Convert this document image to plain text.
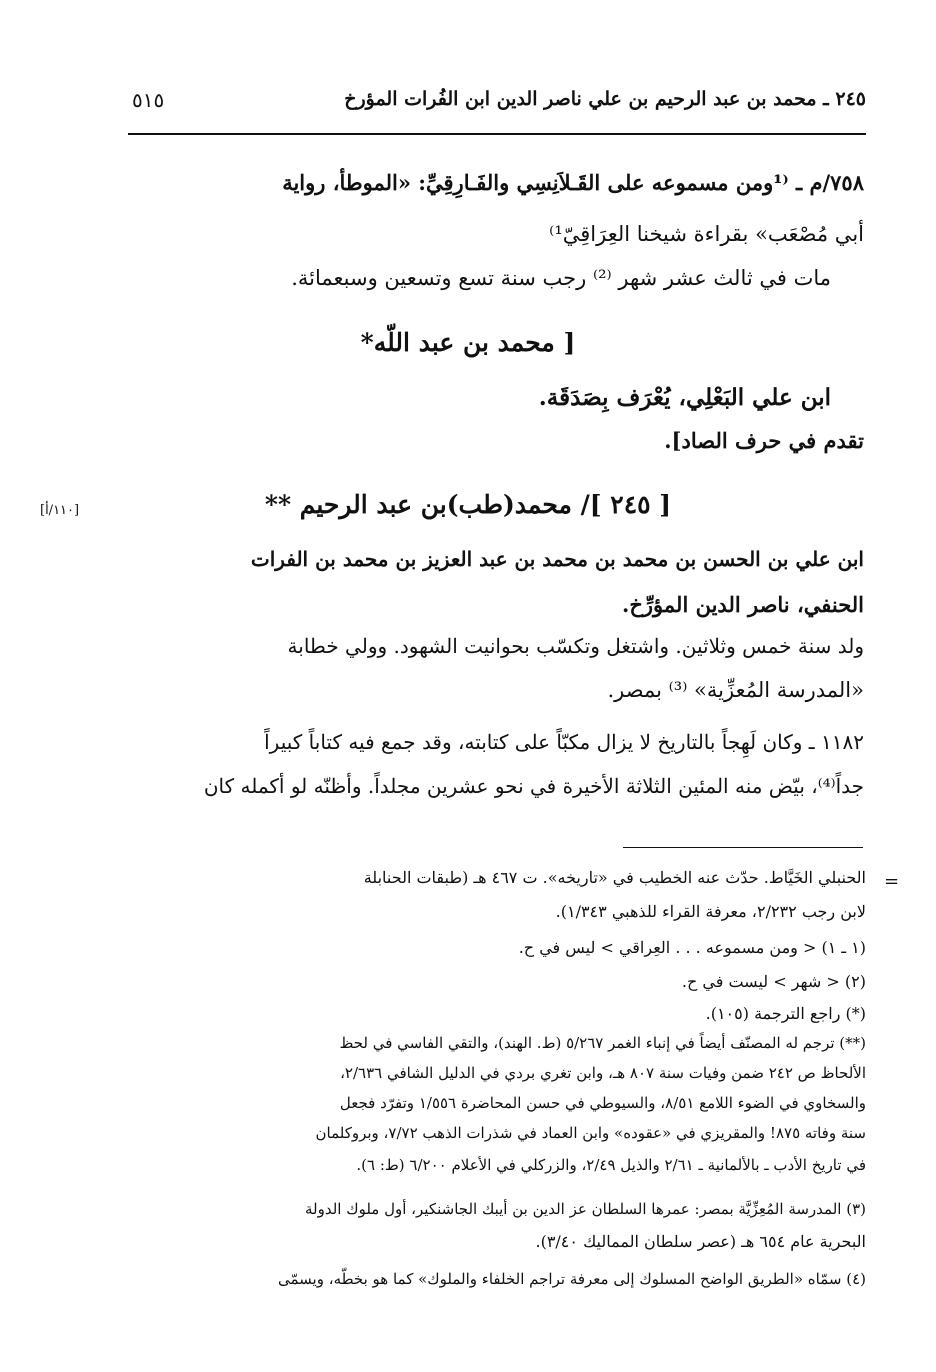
٢٤٥ ـ محمد بن عبد الرحيم بن علي ناصر الدين ابن الفُرات المؤرخ
٥١٥
٧٥٨/م ـ ⁽¹ومن مسموعه على القَـلاَنِسِي والفَـارِقِيِّ: «الموطأ، رواية
أبي مُصْعَب» بقراءة شيخنا العِرَاقِيّ¹⁾
مات في ثالث عشر شهر ⁽²⁾ رجب سنة تسع وتسعين وسبعمائة.
[ محمد بن عبد اللّه*
ابن علي البَعْلِي، يُعْرَف بِصَدَقَة.
تقدم في حرف الصاد].
[ ٢٤٥ ]/ محمد(طب)بن عبد الرحيم **
[١١٠/أ]
ابن علي بن الحسن بن محمد بن محمد بن عبد العزيز بن محمد بن الفرات
الحنفي، ناصر الدين المؤرِّخ.
ولد سنة خمس وثلاثين. واشتغل وتكسّب بحوانيت الشهود. وولي خطابة
«المدرسة المُعزِّية» ⁽³⁾ بمصر.
١١٨٢ ـ وكان لَهِجاً بالتاريخ لا يزال مكبّاً على كتابته، وقد جمع فيه كتاباً كبيراً
جداً⁽⁴⁾، بيّض منه المئين الثلاثة الأخيرة في نحو عشرين مجلداً. وأظنّه لو أكمله كان
=
الحنبلي الخَيَّاط. حدّث عنه الخطيب في «تاريخه». ت ٤٦٧ هـ (طبقات الحنابلة
لابن رجب ٢/٢٣٢، معرفة القراء للذهبي ١/٣٤٣).
(١ ـ ١) < ومن مسموعه . . . العِراقي > ليس في ح.
(٢) < شهر > ليست في ح.
(*) راجع الترجمة (١٠٥).
(**) ترجم له المصنّف أيضاً في إنباء الغمر ٥/٢٦٧ (ط. الهند)، والتقي الفاسي في لحظ
الألحاظ ص ٢٤٢ ضمن وفيات سنة ٨٠٧ هـ، وابن تغري بردي في الدليل الشافي ٢/٦٣٦،
والسخاوي في الضوء اللامع ٨/٥١، والسيوطي في حسن المحاضرة ١/٥٥٦ وتفرّد فجعل
سنة وفاته ٨٧٥! والمقريزي في «عقوده» وابن العماد في شذرات الذهب ٧/٧٢، وبروكلمان
في تاريخ الأدب ـ بالألمانية ـ ٢/٦١ والذيل ٢/٤٩، والزركلي في الأعلام ٦/٢٠٠ (ط: ٦).
(٣) المدرسة المُعِزِّيَّة بمصر: عمرها السلطان عز الدين بن أيبك الجاشنكير، أول ملوك الدولة
البحرية عام ٦٥٤ هـ (عصر سلطان المماليك ٣/٤٠).
(٤) سمّاه «الطريق الواضح المسلوك إلى معرفة تراجم الخلفاء والملوك» كما هو بخطّه، ويسمّى
